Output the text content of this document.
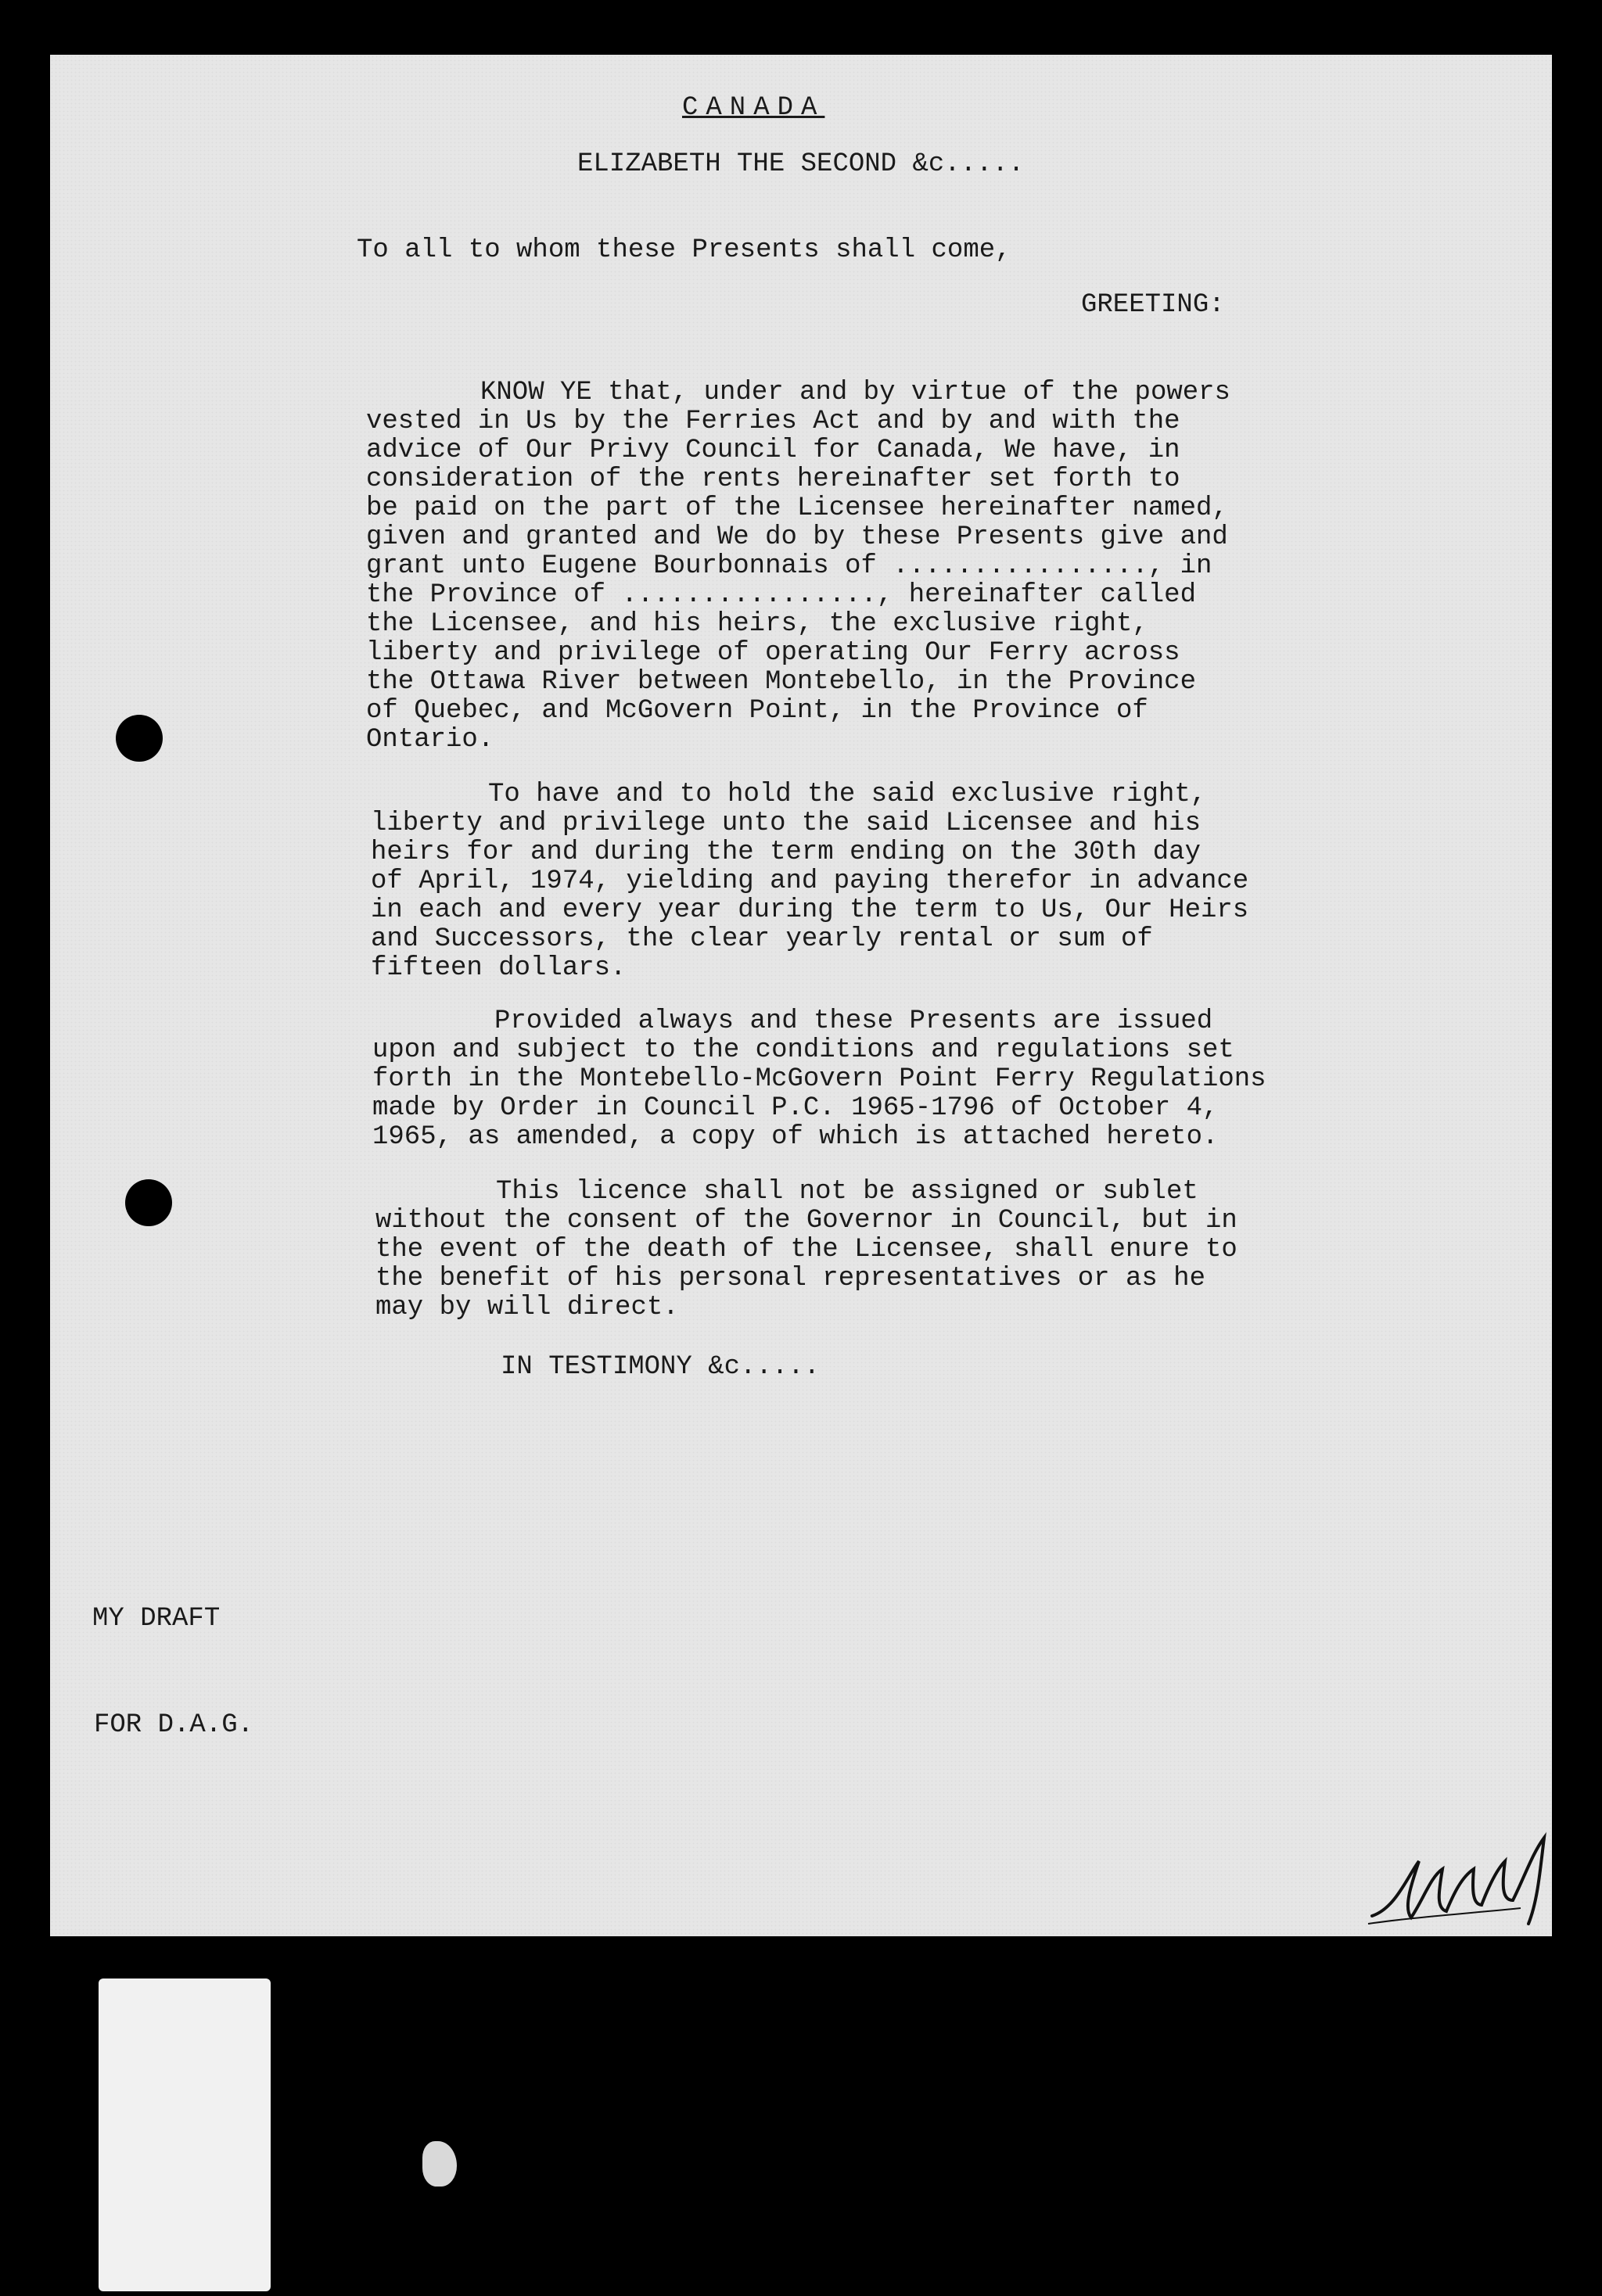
CANADA
ELIZABETH THE SECOND &c.....
To all to whom these Presents shall come,
GREETING:
KNOW YE that, under and by virtue of the powers
vested in Us by the Ferries Act and by and with the
advice of Our Privy Council for Canada, We have, in
consideration of the rents hereinafter set forth to
be paid on the part of the Licensee hereinafter named,
given and granted and We do by these Presents give and
grant unto Eugene Bourbonnais of ................, in
the Province of ................, hereinafter called
the Licensee, and his heirs, the exclusive right,
liberty and privilege of operating Our Ferry across
the Ottawa River between Montebello, in the Province
of Quebec, and McGovern Point, in the Province of
Ontario.
To have and to hold the said exclusive right,
liberty and privilege unto the said Licensee and his
heirs for and during the term ending on the 30th day
of April, 1974, yielding and paying therefor in advance
in each and every year during the term to Us, Our Heirs
and Successors, the clear yearly rental or sum of
fifteen dollars.
Provided always and these Presents are issued
upon and subject to the conditions and regulations set
forth in the Montebello-McGovern Point Ferry Regulations
made by Order in Council P.C. 1965-1796 of October 4,
1965, as amended, a copy of which is attached hereto.
This licence shall not be assigned or sublet
without the consent of the Governor in Council, but in
the event of the death of the Licensee, shall enure to
the benefit of his personal representatives or as he
may by will direct.
IN TESTIMONY &c.....
MY DRAFT
FOR D.A.G.
